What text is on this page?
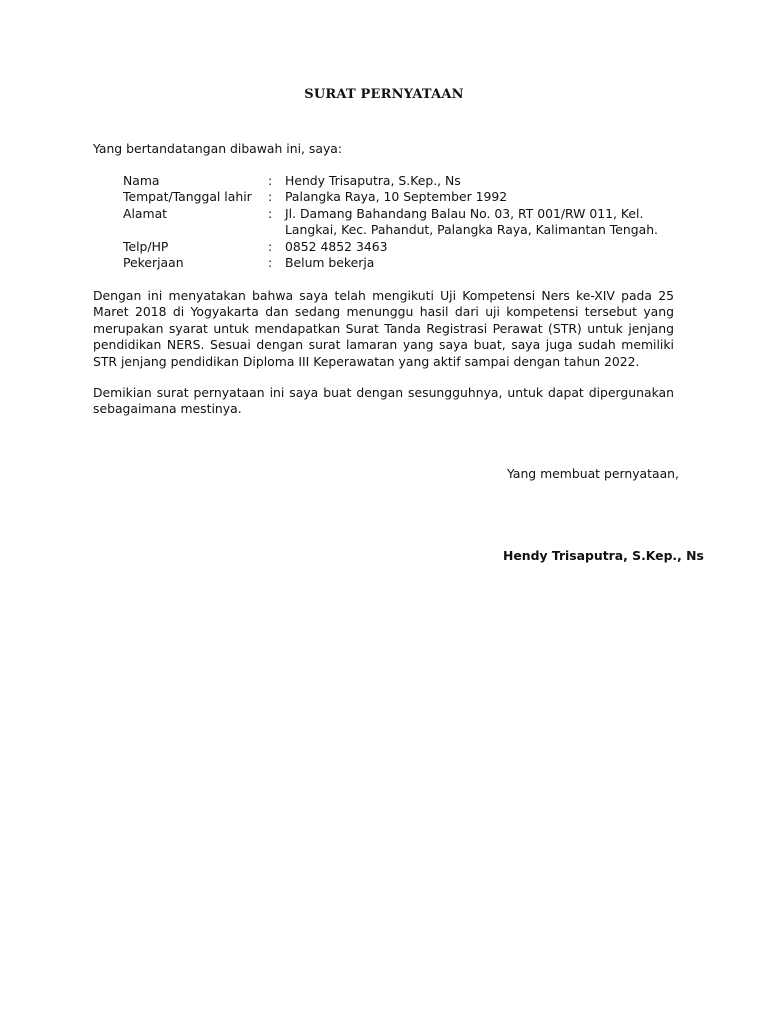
SURAT PERNYATAAN
Yang bertandatangan dibawah ini, saya:
Nama	:	Hendy Trisaputra, S.Kep., Ns
Tempat/Tanggal lahir	:	Palangka Raya, 10 September 1992
Alamat	:	Jl. Damang Bahandang Balau No. 03, RT 001/RW 011, Kel. Langkai, Kec. Pahandut, Palangka Raya, Kalimantan Tengah.
Telp/HP	:	0852 4852 3463
Pekerjaan	:	Belum bekerja
Dengan ini menyatakan bahwa saya telah mengikuti Uji Kompetensi Ners ke-XIV pada 25 Maret 2018 di Yogyakarta dan sedang menunggu hasil dari uji kompetensi tersebut yang merupakan syarat untuk mendapatkan Surat Tanda Registrasi Perawat (STR) untuk jenjang pendidikan NERS. Sesuai dengan surat lamaran yang saya buat, saya juga sudah memiliki STR jenjang pendidikan Diploma III Keperawatan yang aktif sampai dengan tahun 2022.
Demikian surat pernyataan ini saya buat dengan sesungguhnya, untuk dapat dipergunakan sebagaimana mestinya.
Yang membuat pernyataan,
Hendy Trisaputra, S.Kep., Ns
